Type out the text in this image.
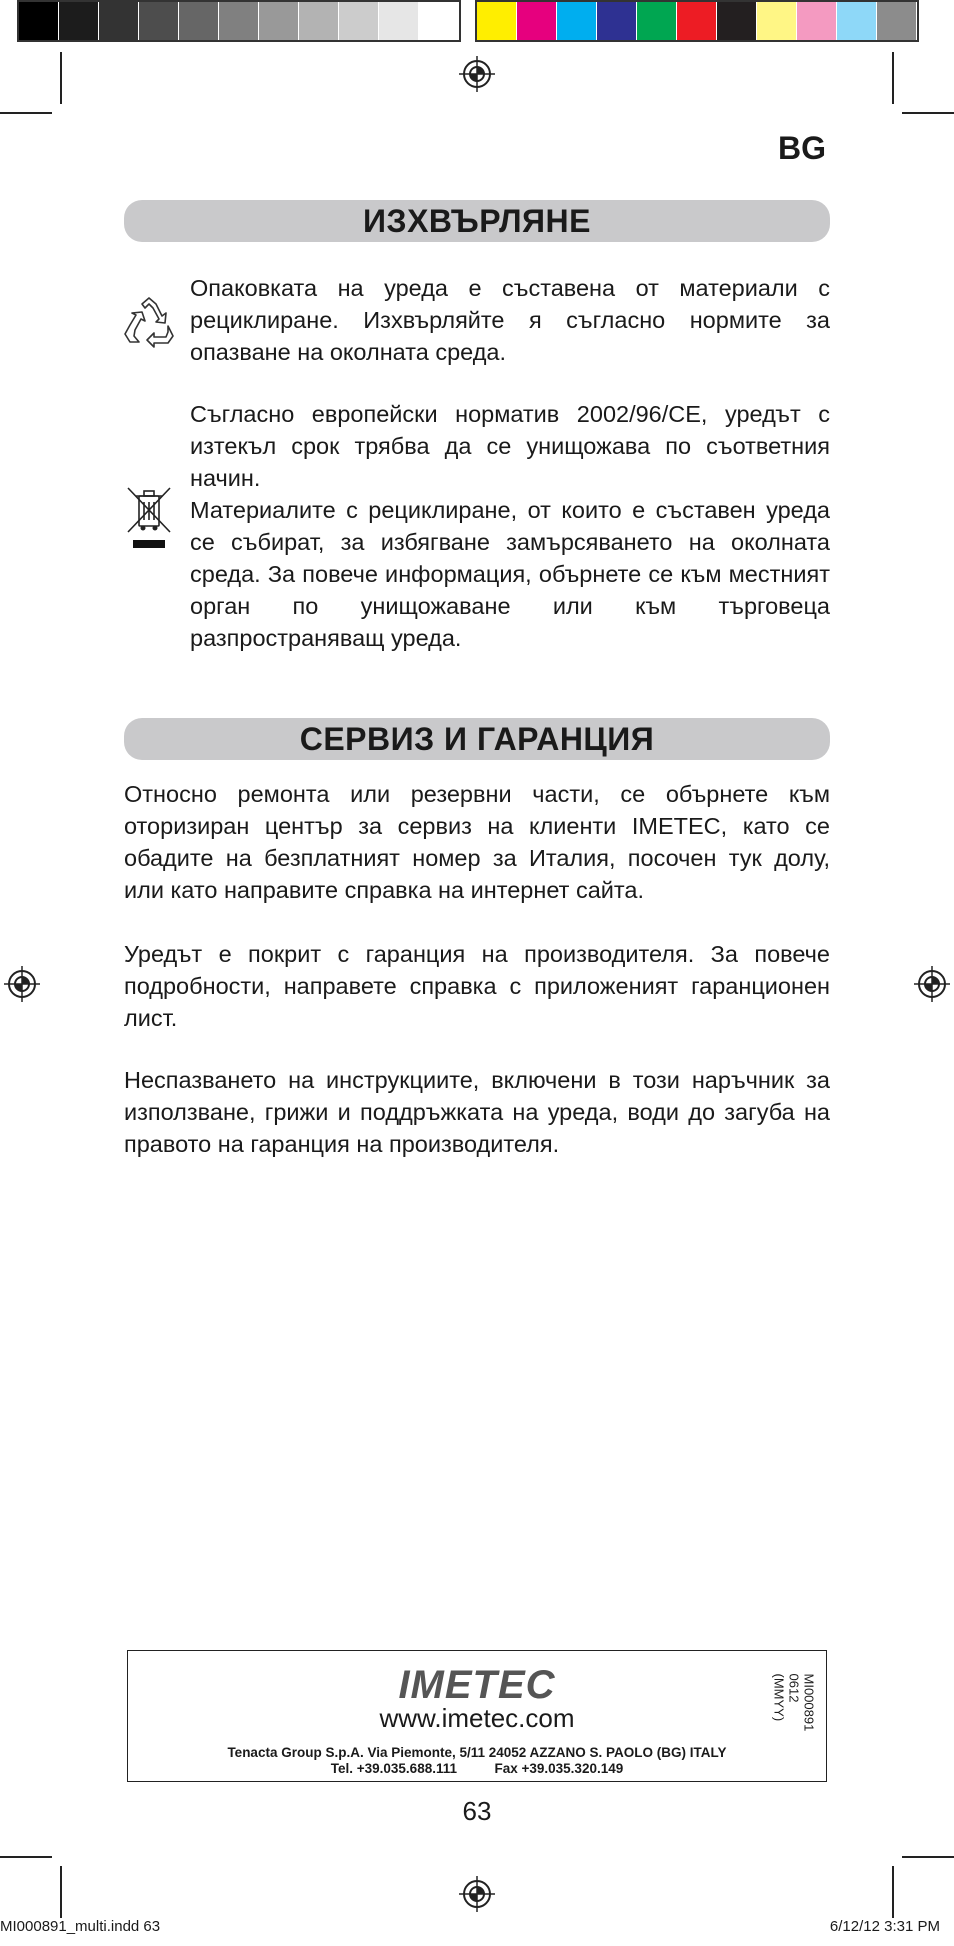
BG
ИЗХВЪРЛЯНЕ
Опаковката на уреда е съставена от материали с рециклиране. Изхвърляйте я съгласно нормите за опазване на околната среда.
Съгласно европейски норматив 2002/96/CE, уредът с изтекъл срок трябва да се унищожава по съответния начин.
Материалите с рециклиране, от които е съставен уреда се събират, за избягване замърсяването на околната среда. За повече информация, обърнете се към местният орган по унищожаване или към търговеца разпространяващ уреда.
СЕРВИЗ И ГАРАНЦИЯ
Относно ремонта или резервни части, се обърнете към оторизиран център за сервиз на клиенти IMETEC, като се обадите на безплатният номер за Италия, посочен тук долу, или като направите справка на интернет сайта.
Уредът е покрит с гаранция на производителя. За повече подробности, направете справка с приложеният гаранционен лист.
Неспазването на инструкциите, включени в този наръчник за използване, грижи и поддръжката на уреда, води до загуба на правото на гаранция на производителя.
IMETEC
www.imetec.com
Tenacta Group S.p.A. Via Piemonte, 5/11 24052 AZZANO S. PAOLO (BG) ITALY
Tel. +39.035.688.111          Fax +39.035.320.149
MI000891
0612 (MMYY)
63
MI000891_multi.indd 63	6/12/12 3:31 PM
